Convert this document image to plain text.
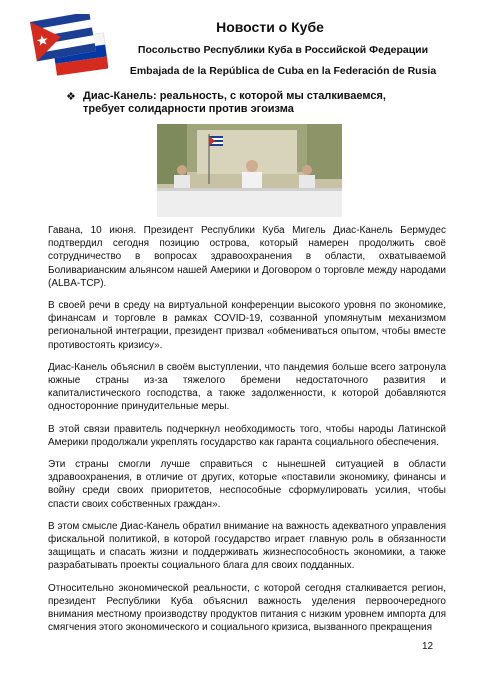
Новости о Кубе
Посольство Республики Куба в Российской Федерации
Embajada de la República de Cuba en la Federación de Rusia
❖ Диас-Канель: реальность, с которой мы сталкиваемся, требует солидарности против эгоизма

Гавана, 10 июня. Президент Республики Куба Мигель Диас-Канель Бермудес подтвердил сегодня позицию острова, который намерен продолжить своё сотрудничество в вопросах здравоохранения в области, охватываемой Боливарианским альянсом нашей Америки и Договором о торговле между народами (ALBA-TCP).

В своей речи в среду на виртуальной конференции высокого уровня по экономике, финансам и торговле в рамках COVID-19, созванной упомянутым механизмом региональной интеграции, президент призвал «обмениваться опытом, чтобы вместе противостоять кризису».

Диас-Канель объяснил в своём выступлении, что пандемия больше всего затронула южные страны из-за тяжелого бремени недостаточного развития и капиталистического господства, а также задолженности, к которой добавляются односторонние принудительные меры.

В этой связи правитель подчеркнул необходимость того, чтобы народы Латинской Америки продолжали укреплять государство как гаранта социального обеспечения.

Эти страны смогли лучше справиться с нынешней ситуацией в области здравоохранения, в отличие от других, которые «поставили экономику, финансы и войну среди своих приоритетов, неспособные сформулировать усилия, чтобы спасти своих собственных граждан».

В этом смысле Диас-Канель обратил внимание на важность адекватного управления фискальной политикой, в которой государство играет главную роль в обязанности защищать и спасать жизни и поддерживать жизнеспособность экономики, а также разрабатывать проекты социального блага для своих подданных.

Относительно экономической реальности, с которой сегодня сталкивается регион, президент Республики Куба объяснил важность уделения первоочередного внимания местному производству продуктов питания с низким уровнем импорта для смягчения этого экономического и социального кризиса, вызванного прекращения

12
